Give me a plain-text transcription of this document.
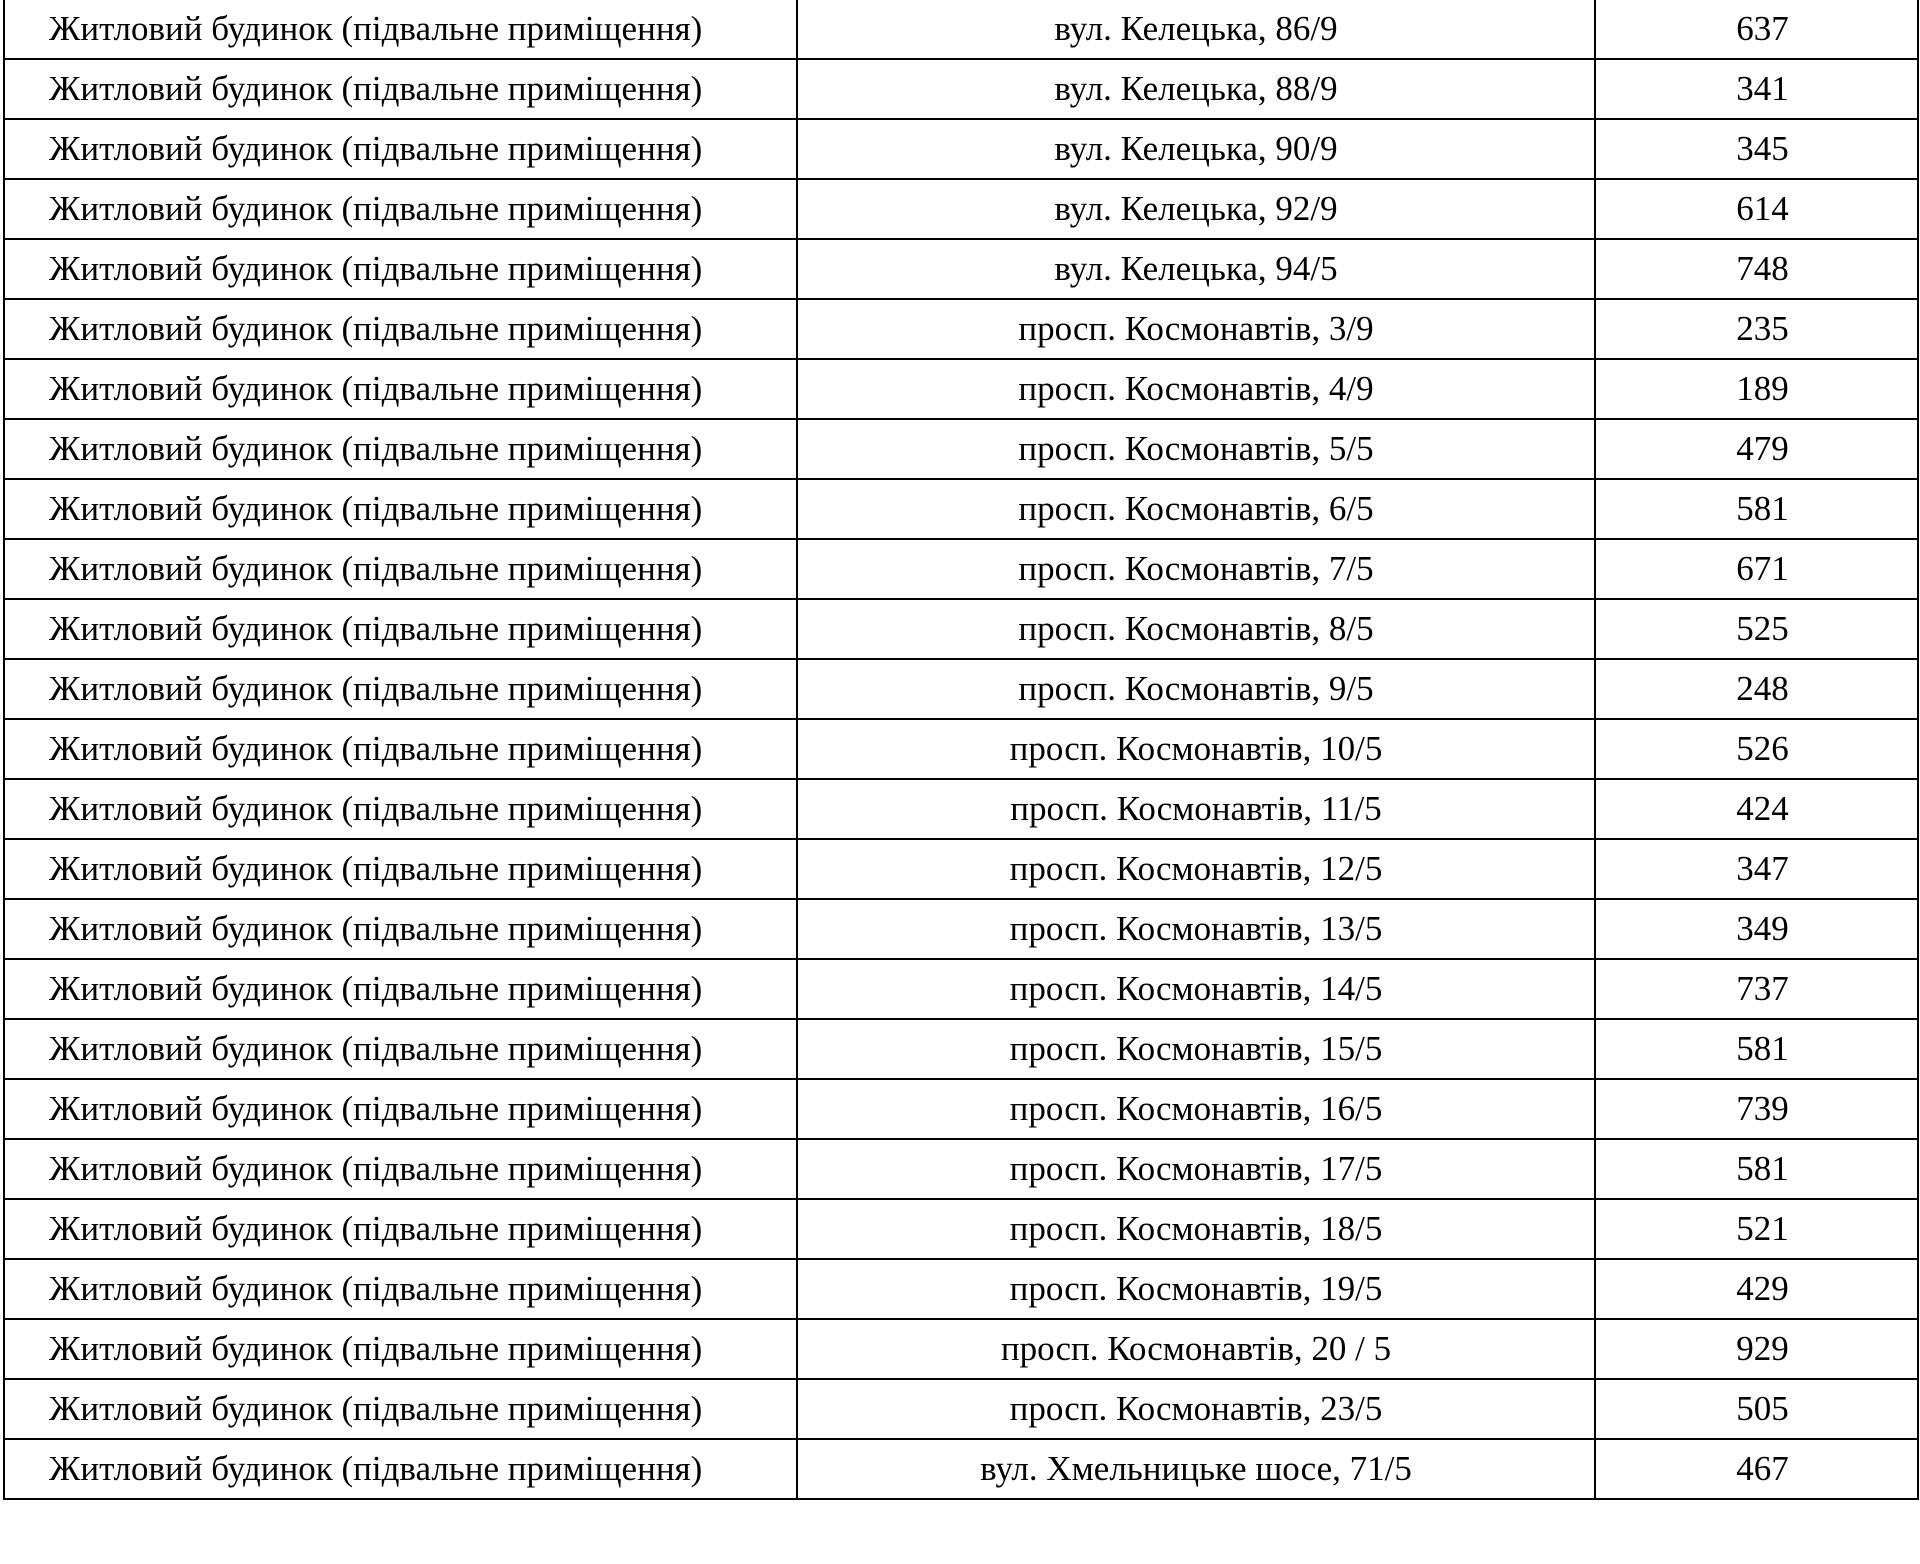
Житловий будинок (підвальне приміщення)	вул. Келецька, 86/9	637
Житловий будинок (підвальне приміщення)	вул. Келецька, 88/9	341
Житловий будинок (підвальне приміщення)	вул. Келецька, 90/9	345
Житловий будинок (підвальне приміщення)	вул. Келецька, 92/9	614
Житловий будинок (підвальне приміщення)	вул. Келецька, 94/5	748
Житловий будинок (підвальне приміщення)	просп. Космонавтів, 3/9	235
Житловий будинок (підвальне приміщення)	просп. Космонавтів, 4/9	189
Житловий будинок (підвальне приміщення)	просп. Космонавтів, 5/5	479
Житловий будинок (підвальне приміщення)	просп. Космонавтів, 6/5	581
Житловий будинок (підвальне приміщення)	просп. Космонавтів, 7/5	671
Житловий будинок (підвальне приміщення)	просп. Космонавтів, 8/5	525
Житловий будинок (підвальне приміщення)	просп. Космонавтів, 9/5	248
Житловий будинок (підвальне приміщення)	просп. Космонавтів, 10/5	526
Житловий будинок (підвальне приміщення)	просп. Космонавтів, 11/5	424
Житловий будинок (підвальне приміщення)	просп. Космонавтів, 12/5	347
Житловий будинок (підвальне приміщення)	просп. Космонавтів, 13/5	349
Житловий будинок (підвальне приміщення)	просп. Космонавтів, 14/5	737
Житловий будинок (підвальне приміщення)	просп. Космонавтів, 15/5	581
Житловий будинок (підвальне приміщення)	просп. Космонавтів, 16/5	739
Житловий будинок (підвальне приміщення)	просп. Космонавтів, 17/5	581
Житловий будинок (підвальне приміщення)	просп. Космонавтів, 18/5	521
Житловий будинок (підвальне приміщення)	просп. Космонавтів, 19/5	429
Житловий будинок (підвальне приміщення)	просп. Космонавтів, 20 / 5	929
Житловий будинок (підвальне приміщення)	просп. Космонавтів, 23/5	505
Житловий будинок (підвальне приміщення)	вул. Хмельницьке шосе, 71/5	467
